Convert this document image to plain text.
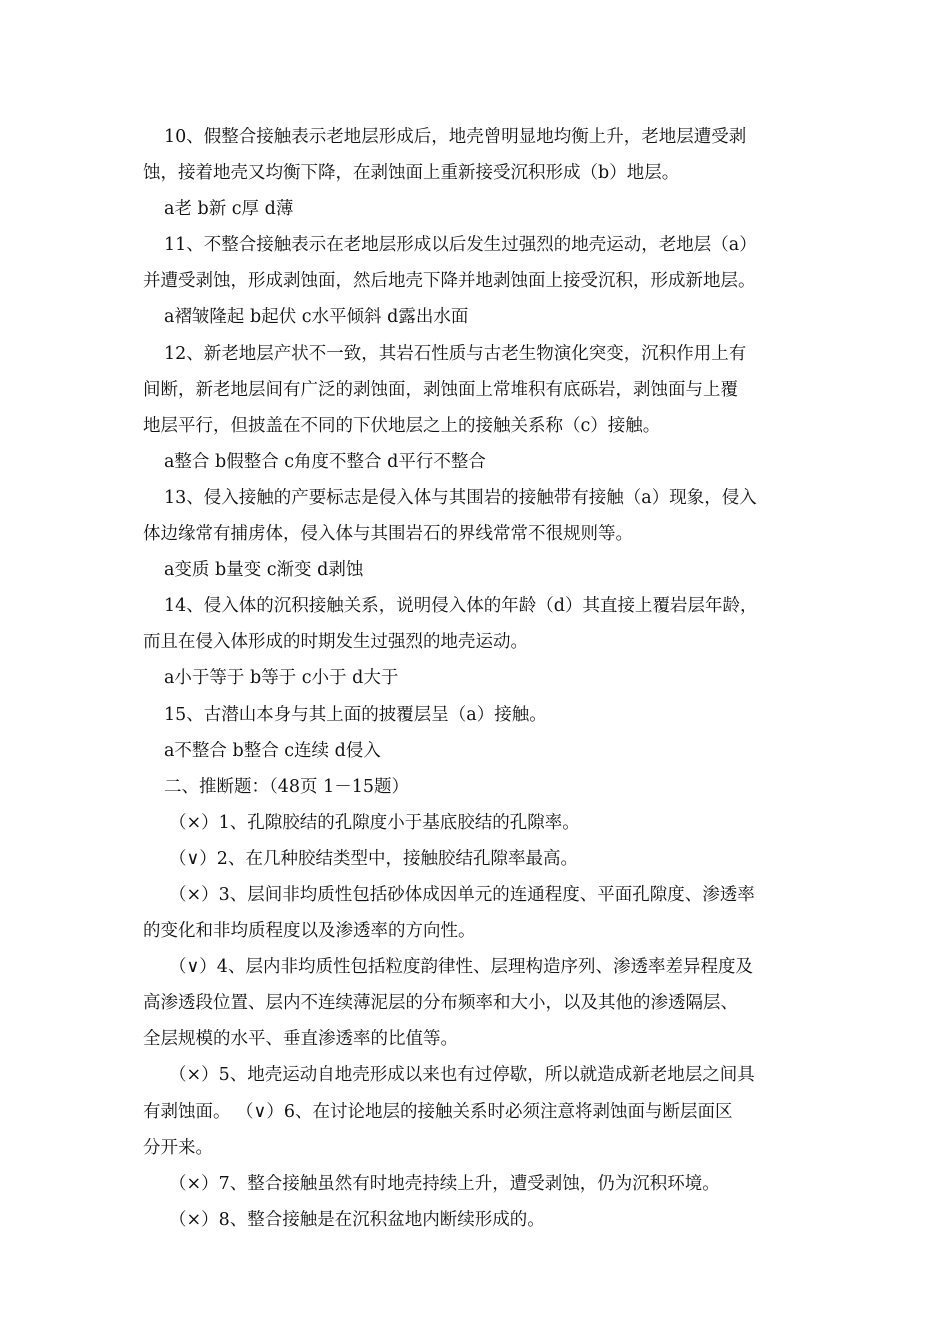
10、假整合接触表示老地层形成后，地壳曾明显地均衡上升，老地层遭受剥
蚀，接着地壳又均衡下降，在剥蚀面上重新接受沉积形成（b）地层。
a老 b新 c厚 d薄
11、不整合接触表示在老地层形成以后发生过强烈的地壳运动，老地层（a）
并遭受剥蚀，形成剥蚀面，然后地壳下降并地剥蚀面上接受沉积，形成新地层。
a褶皱隆起 b起伏 c水平倾斜 d露出水面
12、新老地层产状不一致，其岩石性质与古老生物演化突变，沉积作用上有
间断，新老地层间有广泛的剥蚀面，剥蚀面上常堆积有底砾岩，剥蚀面与上覆
地层平行，但披盖在不同的下伏地层之上的接触关系称（c）接触。
a整合 b假整合 c角度不整合 d平行不整合
13、侵入接触的产要标志是侵入体与其围岩的接触带有接触（a）现象，侵入
体边缘常有捕虏体，侵入体与其围岩石的界线常常不很规则等。
a变质 b量变 c渐变 d剥蚀
14、侵入体的沉积接触关系，说明侵入体的年龄（d）其直接上覆岩层年龄，
而且在侵入体形成的时期发生过强烈的地壳运动。
a小于等于 b等于 c小于 d大于
15、古潜山本身与其上面的披覆层呈（a）接触。
a不整合 b整合 c连续 d侵入
二、推断题：（48页 1－15题）
（×）1、孔隙胶结的孔隙度小于基底胶结的孔隙率。
（∨）2、在几种胶结类型中，接触胶结孔隙率最高。
（×）3、层间非均质性包括砂体成因单元的连通程度、平面孔隙度、渗透率
的变化和非均质程度以及渗透率的方向性。
（∨）4、层内非均质性包括粒度韵律性、层理构造序列、渗透率差异程度及
高渗透段位置、层内不连续薄泥层的分布频率和大小，以及其他的渗透隔层、
全层规模的水平、垂直渗透率的比值等。
（×）5、地壳运动自地壳形成以来也有过停歇，所以就造成新老地层之间具
有剥蚀面。 （∨）6、在讨论地层的接触关系时必须注意将剥蚀面与断层面区
分开来。
（×）7、整合接触虽然有时地壳持续上升，遭受剥蚀，仍为沉积环境。
（×）8、整合接触是在沉积盆地内断续形成的。
